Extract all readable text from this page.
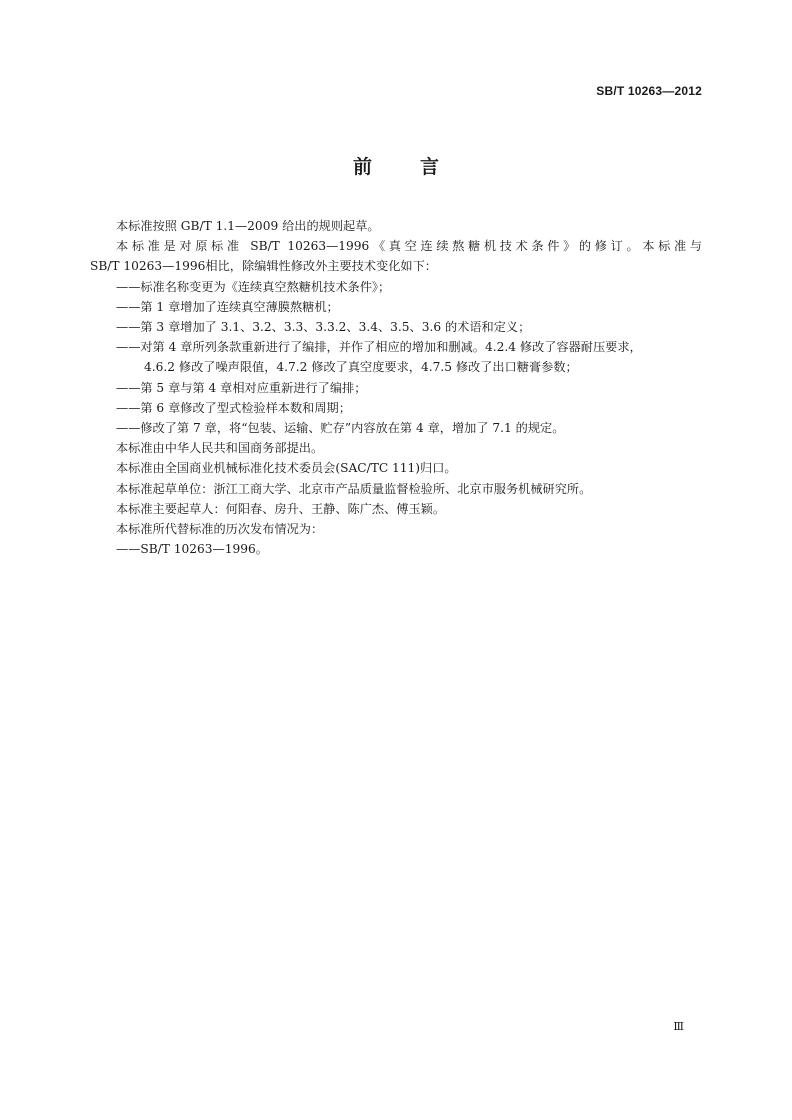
SB/T 10263—2012
前	言

本标准按照 GB/T 1.1—2009 给出的规则起草。

本标准是对原标准 SB/T 10263—1996《真空连续熬糖机技术条件》的修订。本标准与

SB/T 10263—1996相比，除编辑性修改外主要技术变化如下：

——标准名称变更为《连续真空熬糖机技术条件》；

——第 1 章增加了连续真空薄膜熬糖机；

——第 3 章增加了 3.1、3.2、3.3、3.3.2、3.4、3.5、3.6 的术语和定义；

——对第 4 章所列条款重新进行了编排，并作了相应的增加和删减。4.2.4 修改了容器耐压要求，

4.6.2 修改了噪声限值，4.7.2 修改了真空度要求，4.7.5 修改了出口糖膏参数；

——第 5 章与第 4 章相对应重新进行了编排；

——第 6 章修改了型式检验样本数和周期；

——修改了第 7 章，将“包装、运输、贮存”内容放在第 4 章，增加了 7.1 的规定。

本标准由中华人民共和国商务部提出。

本标准由全国商业机械标准化技术委员会(SAC/TC 111)归口。

本标准起草单位：浙江工商大学、北京市产品质量监督检验所、北京市服务机械研究所。

本标准主要起草人：何阳春、房升、王静、陈广杰、傅玉颖。

本标准所代替标准的历次发布情况为：

——SB/T 10263—1996。

Ⅲ
